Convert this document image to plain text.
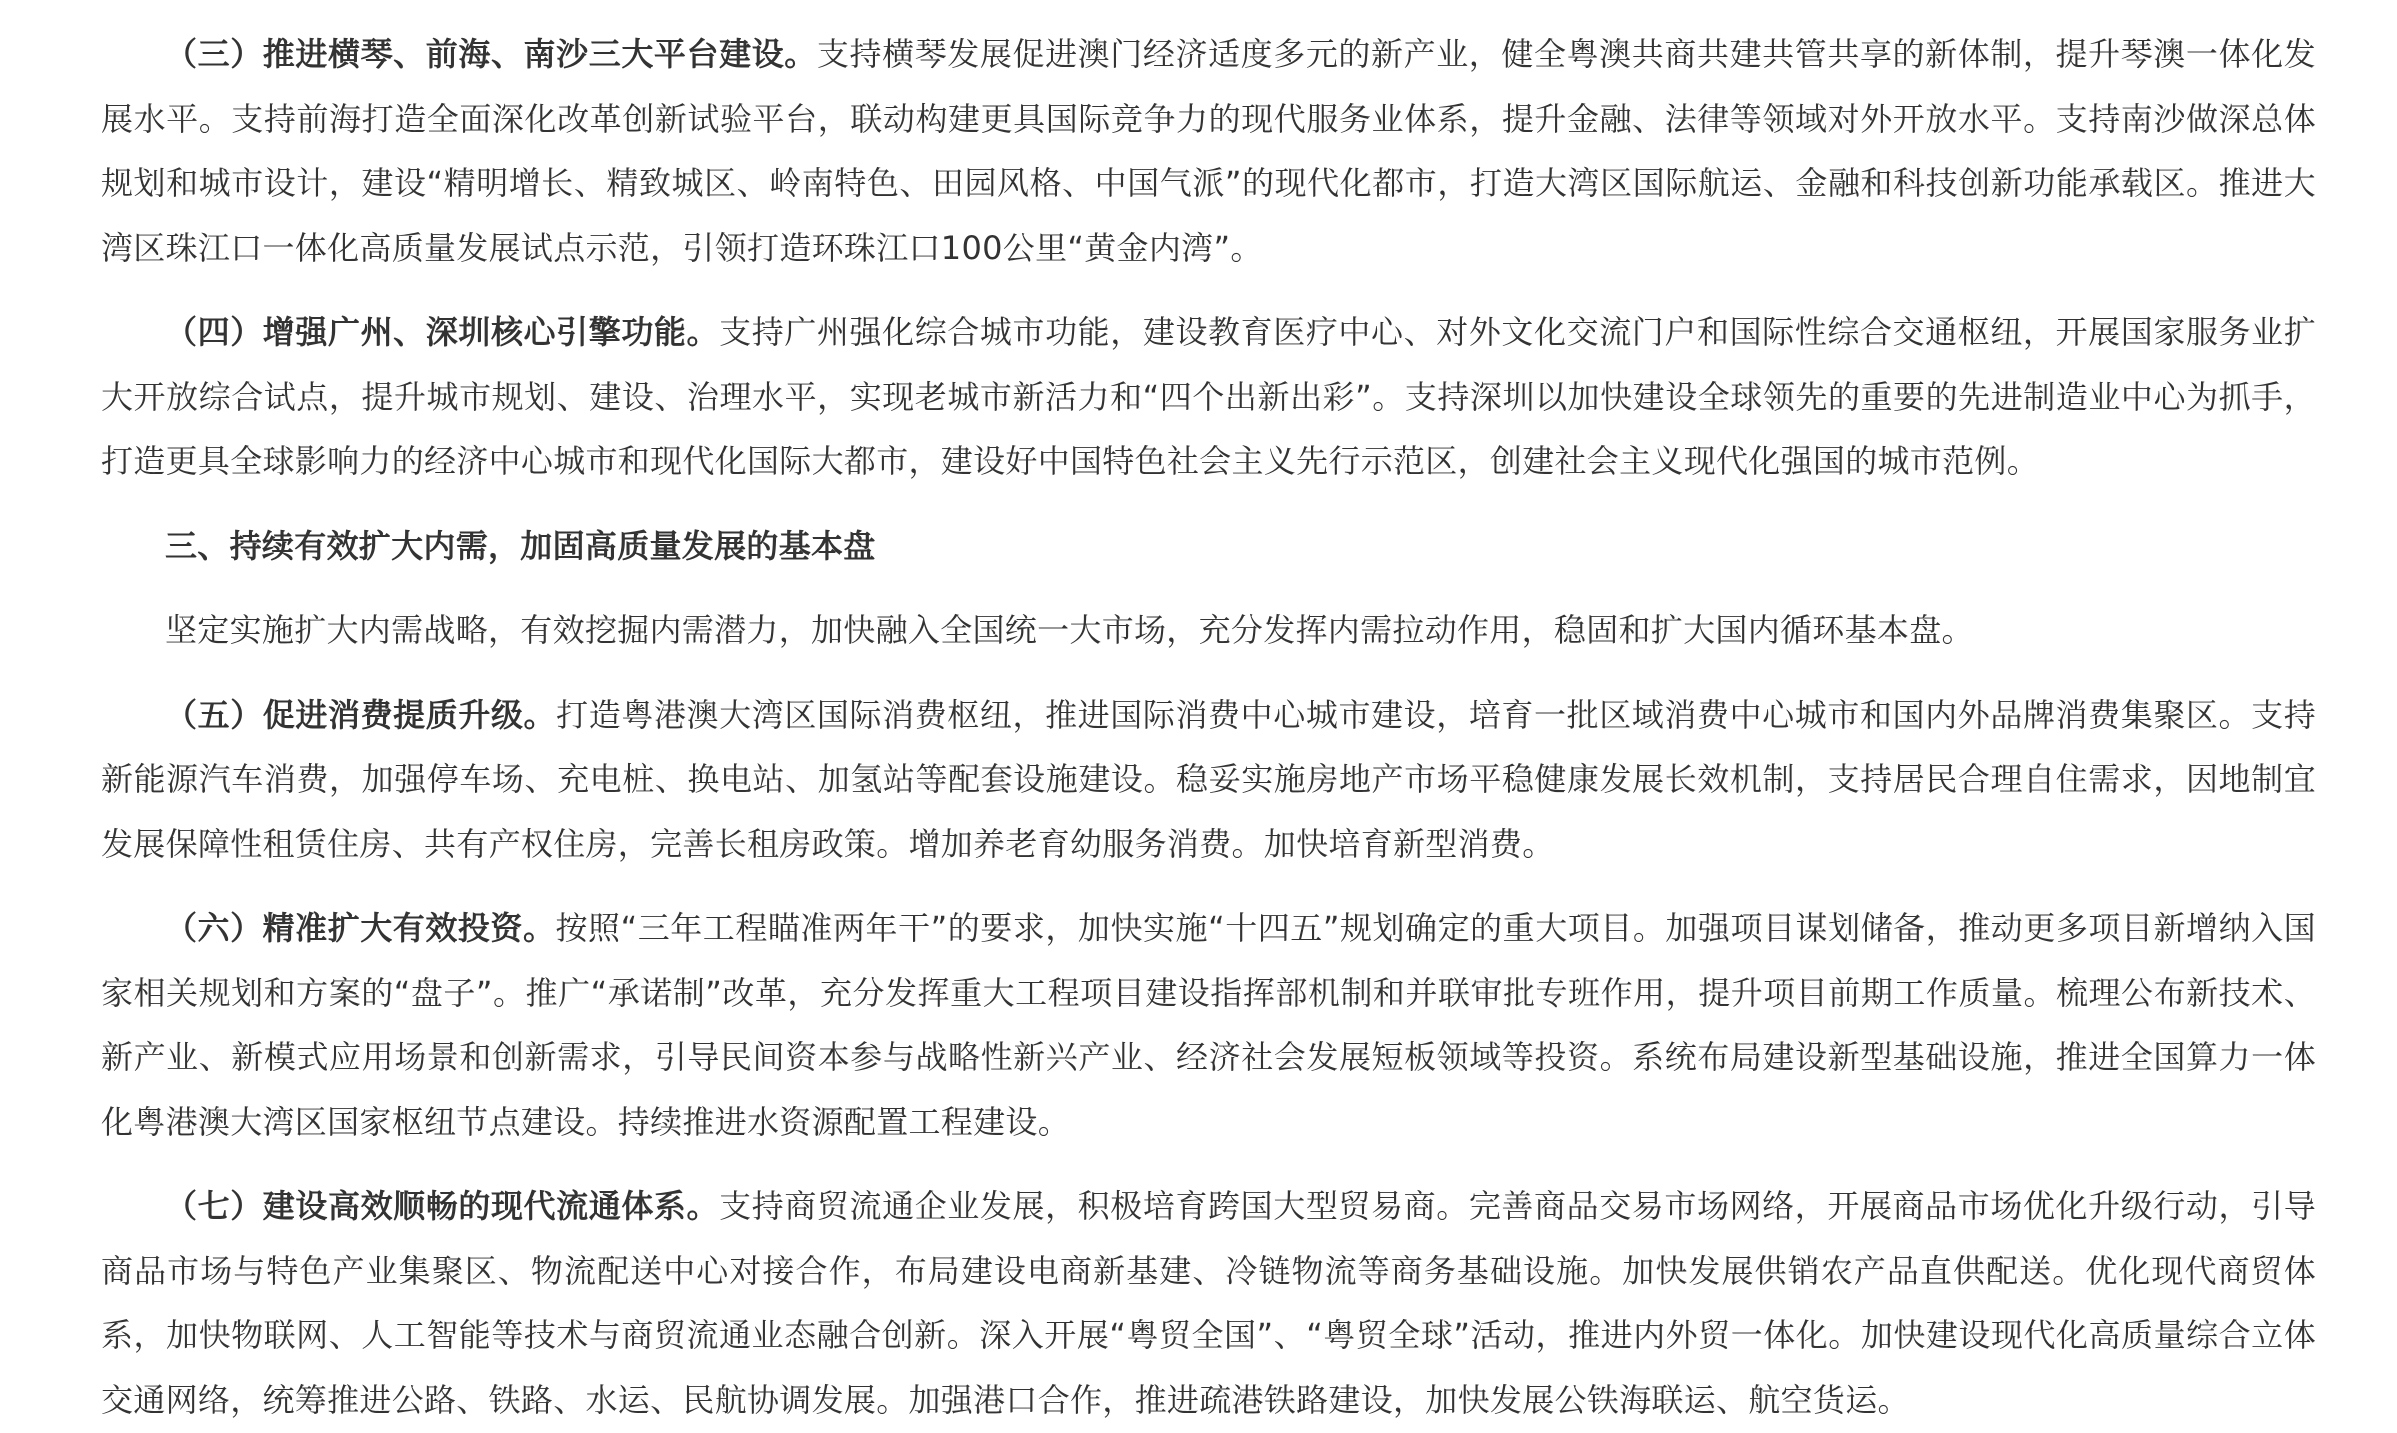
（三）推进横琴、前海、南沙三大平台建设。支持横琴发展促进澳门经济适度多元的新产业，健全粤澳共商共建共管共享的新体制，提升琴澳一体化发展水平。支持前海打造全面深化改革创新试验平台，联动构建更具国际竞争力的现代服务业体系，提升金融、法律等领域对外开放水平。支持南沙做深总体规划和城市设计，建设“精明增长、精致城区、岭南特色、田园风格、中国气派”的现代化都市，打造大湾区国际航运、金融和科技创新功能承载区。推进大湾区珠江口一体化高质量发展试点示范，引领打造环珠江口100公里“黄金内湾”。

（四）增强广州、深圳核心引擎功能。支持广州强化综合城市功能，建设教育医疗中心、对外文化交流门户和国际性综合交通枢纽，开展国家服务业扩大开放综合试点，提升城市规划、建设、治理水平，实现老城市新活力和“四个出新出彩”。支持深圳以加快建设全球领先的重要的先进制造业中心为抓手，打造更具全球影响力的经济中心城市和现代化国际大都市，建设好中国特色社会主义先行示范区，创建社会主义现代化强国的城市范例。

三、持续有效扩大内需，加固高质量发展的基本盘

坚定实施扩大内需战略，有效挖掘内需潜力，加快融入全国统一大市场，充分发挥内需拉动作用，稳固和扩大国内循环基本盘。

（五）促进消费提质升级。打造粤港澳大湾区国际消费枢纽，推进国际消费中心城市建设，培育一批区域消费中心城市和国内外品牌消费集聚区。支持新能源汽车消费，加强停车场、充电桩、换电站、加氢站等配套设施建设。稳妥实施房地产市场平稳健康发展长效机制，支持居民合理自住需求，因地制宜发展保障性租赁住房、共有产权住房，完善长租房政策。增加养老育幼服务消费。加快培育新型消费。

（六）精准扩大有效投资。按照“三年工程瞄准两年干”的要求，加快实施“十四五”规划确定的重大项目。加强项目谋划储备，推动更多项目新增纳入国家相关规划和方案的“盘子”。推广“承诺制”改革，充分发挥重大工程项目建设指挥部机制和并联审批专班作用，提升项目前期工作质量。梳理公布新技术、新产业、新模式应用场景和创新需求，引导民间资本参与战略性新兴产业、经济社会发展短板领域等投资。系统布局建设新型基础设施，推进全国算力一体化粤港澳大湾区国家枢纽节点建设。持续推进水资源配置工程建设。

（七）建设高效顺畅的现代流通体系。支持商贸流通企业发展，积极培育跨国大型贸易商。完善商品交易市场网络，开展商品市场优化升级行动，引导商品市场与特色产业集聚区、物流配送中心对接合作，布局建设电商新基建、冷链物流等商务基础设施。加快发展供销农产品直供配送。优化现代商贸体系，加快物联网、人工智能等技术与商贸流通业态融合创新。深入开展“粤贸全国”、“粤贸全球”活动，推进内外贸一体化。加快建设现代化高质量综合立体交通网络，统筹推进公路、铁路、水运、民航协调发展。加强港口合作，推进疏港铁路建设，加快发展公铁海联运、航空货运。
